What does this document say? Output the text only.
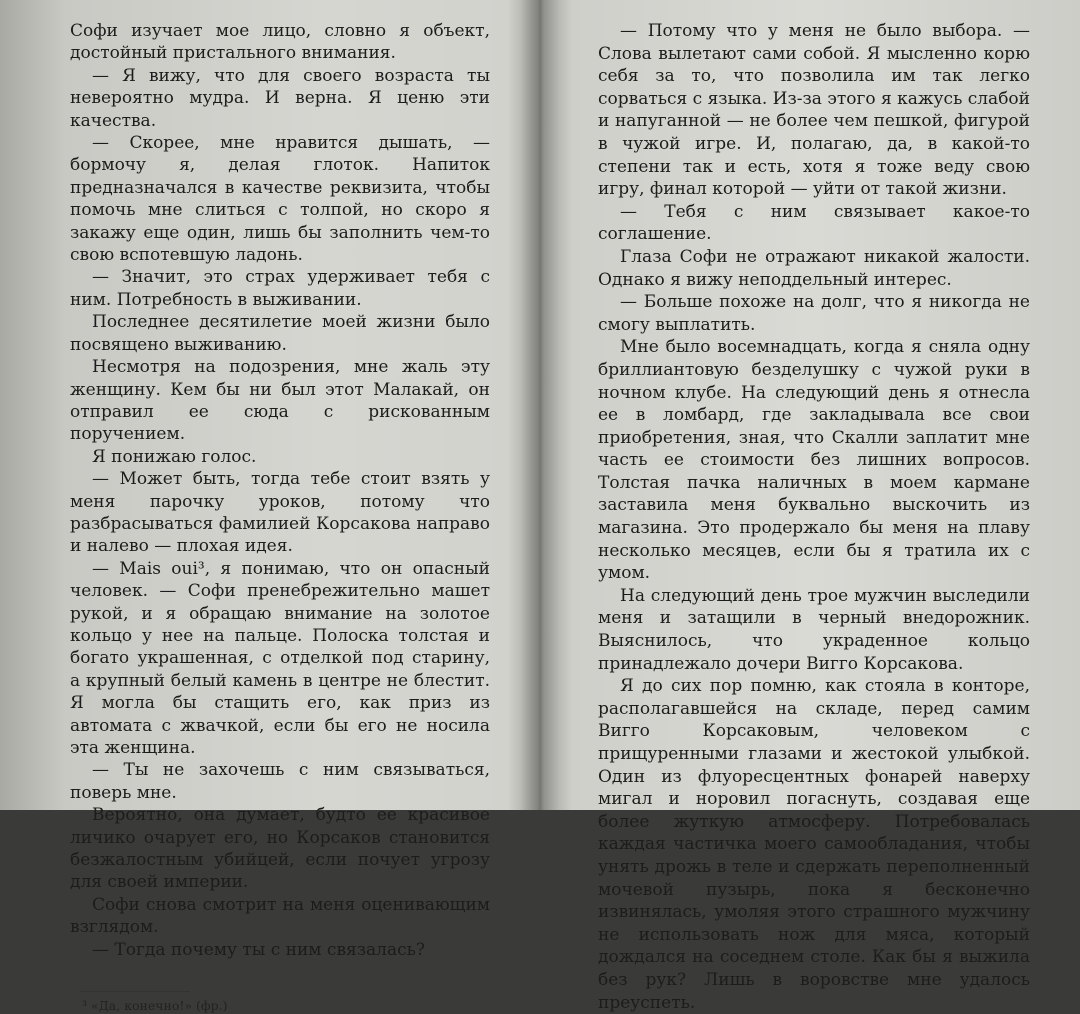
Софи изучает мое лицо, словно я объект, достойный пристального внимания.

— Я вижу, что для своего возраста ты невероятно мудра. И верна. Я ценю эти качества.

— Скорее, мне нравится дышать, — бормочу я, делая глоток. Напиток предназначался в качестве реквизита, чтобы помочь мне слиться с толпой, но скоро я закажу еще один, лишь бы заполнить чем-то свою вспотевшую ладонь.

— Значит, это страх удерживает тебя с ним. Потребность в выживании.

Последнее десятилетие моей жизни было посвящено выживанию.

Несмотря на подозрения, мне жаль эту женщину. Кем бы ни был этот Малакай, он отправил ее сюда с рискованным поручением.

Я понижаю голос.

— Может быть, тогда тебе стоит взять у меня парочку уроков, потому что разбрасываться фамилией Корсакова направо и налево — плохая идея.

— Mais oui³, я понимаю, что он опасный человек. — Софи пренебрежительно машет рукой, и я обращаю внимание на золотое кольцо у нее на пальце. Полоска толстая и богато украшенная, с отделкой под старину, а крупный белый камень в центре не блестит. Я могла бы стащить его, как приз из автомата с жвачкой, если бы его не носила эта женщина.

— Ты не захочешь с ним связываться, поверь мне.

Вероятно, она думает, будто ее красивое личико очарует его, но Корсаков становится безжалостным убийцей, если почует угрозу для своей империи.

Софи снова смотрит на меня оценивающим взглядом.

— Тогда почему ты с ним связалась?

³ «Да, конечно!» (фр.)

— Потому что у меня не было выбора. — Слова вылетают сами собой. Я мысленно корю себя за то, что позволила им так легко сорваться с языка. Из-за этого я кажусь слабой и напуганной — не более чем пешкой, фигурой в чужой игре. И, полагаю, да, в какой-то степени так и есть, хотя я тоже веду свою игру, финал которой — уйти от такой жизни.

— Тебя с ним связывает какое-то соглашение.

Глаза Софи не отражают никакой жалости. Однако я вижу неподдельный интерес.

— Больше похоже на долг, что я никогда не смогу выплатить.

Мне было восемнадцать, когда я сняла одну бриллиантовую безделушку с чужой руки в ночном клубе. На следующий день я отнесла ее в ломбард, где закладывала все свои приобретения, зная, что Скалли заплатит мне часть ее стоимости без лишних вопросов. Толстая пачка наличных в моем кармане заставила меня буквально выскочить из магазина. Это продержало бы меня на плаву несколько месяцев, если бы я тратила их с умом.

На следующий день трое мужчин выследили меня и затащили в черный внедорожник. Выяснилось, что украденное кольцо принадлежало дочери Вигго Корсакова.

Я до сих пор помню, как стояла в конторе, располагавшейся на складе, перед самим Вигго Корсаковым, человеком с прищуренными глазами и жестокой улыбкой. Один из флуоресцентных фонарей наверху мигал и норовил погаснуть, создавая еще более жуткую атмосферу. Потребовалась каждая частичка моего самообладания, чтобы унять дрожь в теле и сдержать переполненный мочевой пузырь, пока я бесконечно извинялась, умоляя этого страшного мужчину не использовать нож для мяса, который дождался на соседнем столе. Как бы я выжила без рук? Лишь в воровстве мне удалось преуспеть.
